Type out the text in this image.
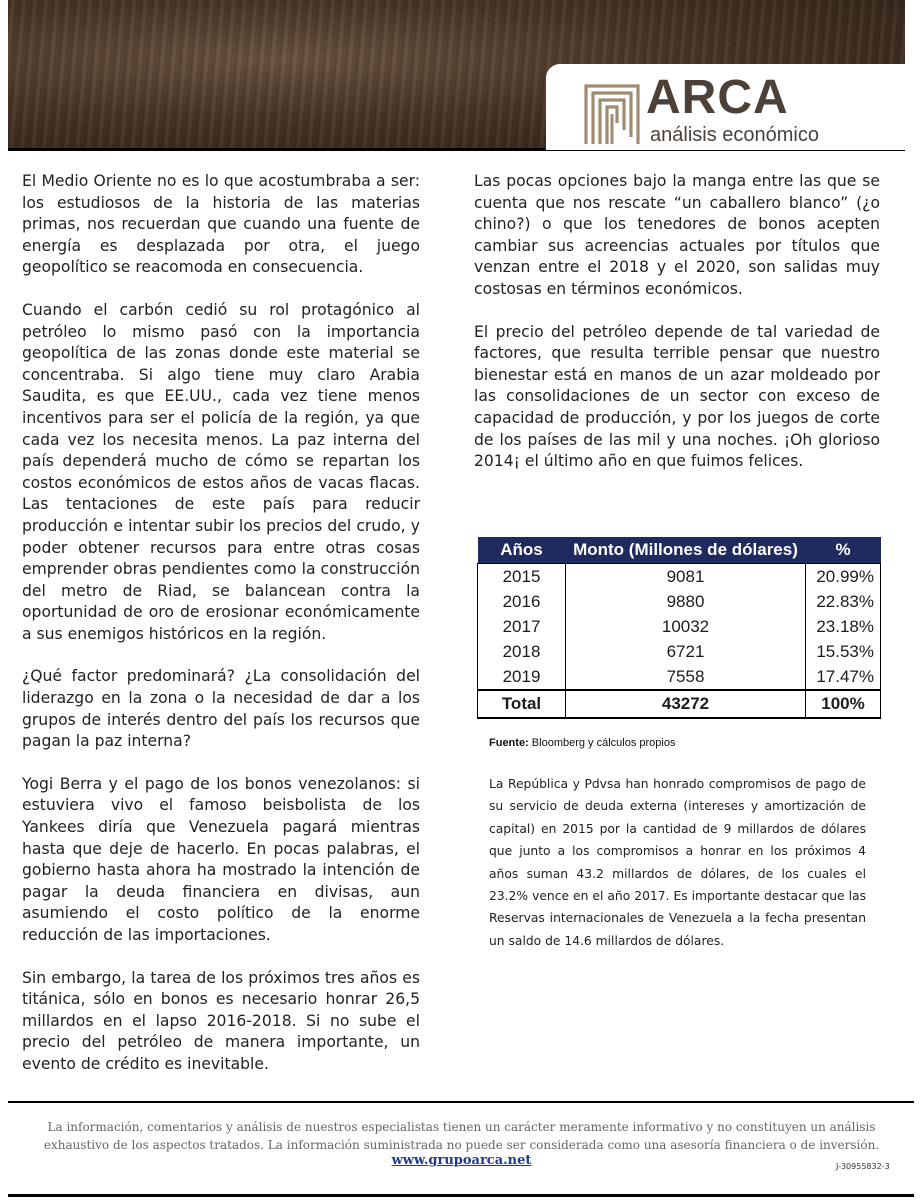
ARCA
análisis económico

El Medio Oriente no es lo que acostumbraba a ser: los estudiosos de la historia de las materias primas, nos recuerdan que cuando una fuente de energía es desplazada por otra, el juego geopolítico se reacomoda en consecuencia.

Cuando el carbón cedió su rol protagónico al petróleo lo mismo pasó con la importancia geopolítica de las zonas donde este material se concentraba. Si algo tiene muy claro Arabia Saudita, es que EE.UU., cada vez tiene menos incentivos para ser el policía de la región, ya que cada vez los necesita menos. La paz interna del país dependerá mucho de cómo se repartan los costos económicos de estos años de vacas flacas. Las tentaciones de este país para reducir producción e intentar subir los precios del crudo, y poder obtener recursos para entre otras cosas emprender obras pendientes como la construcción del metro de Riad, se balancean contra la oportunidad de oro de erosionar económicamente a sus enemigos históricos en la región.

¿Qué factor predominará? ¿La consolidación del liderazgo en la zona o la necesidad de dar a los grupos de interés dentro del país los recursos que pagan la paz interna?

Yogi Berra y el pago de los bonos venezolanos: si estuviera vivo el famoso beisbolista de los Yankees diría que Venezuela pagará mientras hasta que deje de hacerlo. En pocas palabras, el gobierno hasta ahora ha mostrado la intención de pagar la deuda financiera en divisas, aun asumiendo el costo político de la enorme reducción de las importaciones.

Sin embargo, la tarea de los próximos tres años es titánica, sólo en bonos es necesario honrar 26,5 millardos en el lapso 2016-2018. Si no sube el precio del petróleo de manera importante, un evento de crédito es inevitable.

Las pocas opciones bajo la manga entre las que se cuenta que nos rescate “un caballero blanco” (¿o chino?) o que los tenedores de bonos acepten cambiar sus acreencias actuales por títulos que venzan entre el 2018 y el 2020, son salidas muy costosas en términos económicos.

El precio del petróleo depende de tal variedad de factores, que resulta terrible pensar que nuestro bienestar está en manos de un azar moldeado por las consolidaciones de un sector con exceso de capacidad de producción, y por los juegos de corte de los países de las mil y una noches. ¡Oh glorioso 2014¡ el último año en que fuimos felices.

Años	Monto (Millones de dólares)	%
2015	9081	20.99%
2016	9880	22.83%
2017	10032	23.18%
2018	6721	15.53%
2019	7558	17.47%
Total	43272	100%
Fuente: Bloomberg y cálculos propios
La República y Pdvsa han honrado compromisos de pago de su servicio de deuda externa (intereses y amortización de capital) en 2015 por la cantidad de 9 millardos de dólares que junto a los compromisos a honrar en los próximos 4 años suman 43.2 millardos de dólares, de los cuales el 23.2% vence en el año 2017. Es importante destacar que las Reservas internacionales de Venezuela a la fecha presentan un saldo de 14.6 millardos de dólares.
La información, comentarios y análisis de nuestros especialistas tienen un carácter meramente informativo y no constituyen un análisis exhaustivo de los aspectos tratados. La información suministrada no puede ser considerada como una asesoría financiera o de inversión.
www.grupoarca.net	J-30955832-3
